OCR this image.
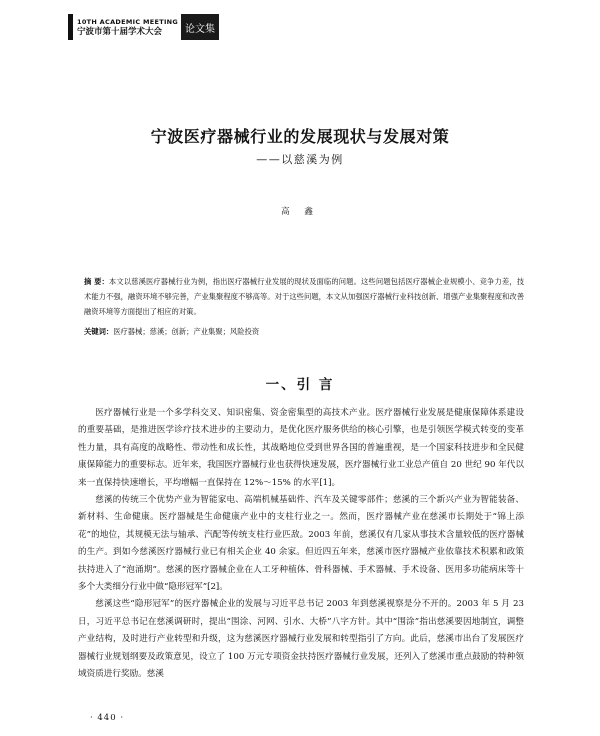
10TH ACADEMIC MEETING
宁波市第十届学术大会	论文集
宁波医疗器械行业的发展现状与发展对策

——以慈溪为例

高 鑫

摘 要：本文以慈溪医疗器械行业为例，指出医疗器械行业发展的现状及面临的问题。这些问题包括医疗器械企业规模小、竞争力差，技术能力不强，融资环境不够完善，产业集聚程度不够高等。对于这些问题，本文从加强医疗器械行业科技创新、增强产业集聚程度和改善融资环境等方面提出了相应的对策。

关键词：医疗器械；慈溪；创新；产业集聚；风险投资

一、引 言

医疗器械行业是一个多学科交叉、知识密集、资金密集型的高技术产业。医疗器械行业发展是健康保障体系建设的重要基础，是推进医学诊疗技术进步的主要动力，是优化医疗服务供给的核心引擎，也是引领医学模式转变的变革性力量，具有高度的战略性、带动性和成长性，其战略地位受到世界各国的普遍重视，是一个国家科技进步和全民健康保障能力的重要标志。近年来，我国医疗器械行业也获得快速发展，医疗器械行业工业总产值自 20 世纪 90 年代以来一直保持快速增长，平均增幅一直保持在 12%～15% 的水平[1]。

慈溪的传统三个优势产业为智能家电、高端机械基础件、汽车及关键零部件；慈溪的三个新兴产业为智能装备、新材料、生命健康。医疗器械是生命健康产业中的支柱行业之一。然而，医疗器械产业在慈溪市长期处于“锦上添花”的地位，其规模无法与轴承、汽配等传统支柱行业匹敌。2003 年前，慈溪仅有几家从事技术含量较低的医疗器械的生产。到如今慈溪医疗器械行业已有相关企业 40 余家。但近四五年来，慈溪市医疗器械产业依靠技术积累和政策扶持进入了“泡涌期”。慈溪的医疗器械企业在人工牙种植体、骨科器械、手术器械、手术设备、医用多功能病床等十多个大类细分行业中做“隐形冠军”[2]。

慈溪这些“隐形冠军”的医疗器械企业的发展与习近平总书记 2003 年到慈溪视察是分不开的。2003 年 5 月 23 日，习近平总书记在慈溪调研时，提出“围涂、河网、引水、大桥”八字方针。其中“围涂”指出慈溪要因地制宜，调整产业结构，及时进行产业转型和升级，这为慈溪医疗器械行业发展和转型指引了方向。此后，慈溪市出台了发展医疗器械行业规划纲要及政策意见，设立了 100 万元专项资金扶持医疗器械行业发展，还列入了慈溪市重点鼓励的特种领域资质进行奖励。慈溪

· 440 ·
